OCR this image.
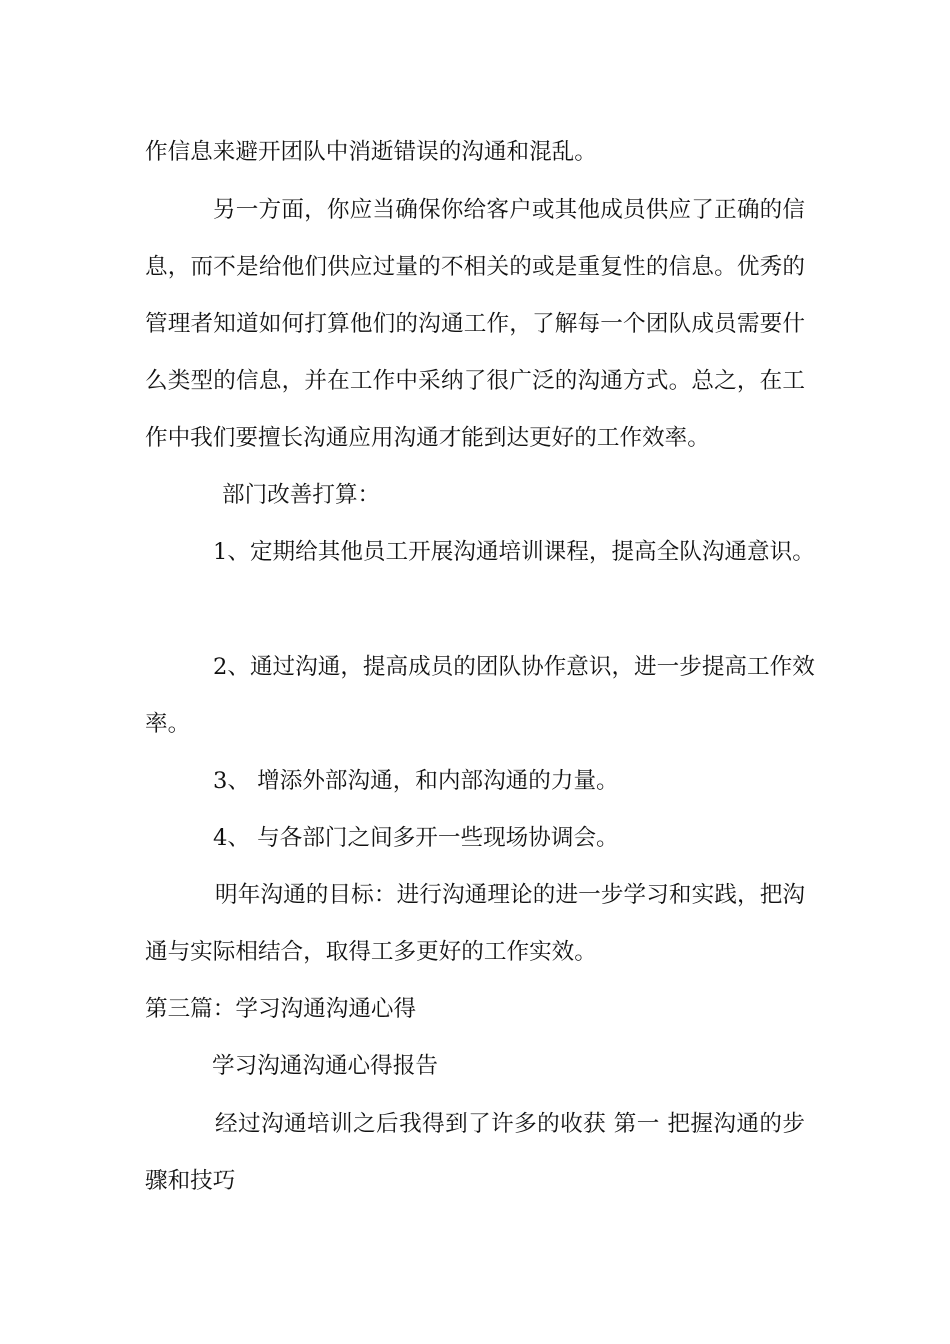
作信息来避开团队中消逝错误的沟通和混乱。

另一方面，你应当确保你给客户或其他成员供应了正确的信

息，而不是给他们供应过量的不相关的或是重复性的信息。优秀的

管理者知道如何打算他们的沟通工作，了解每一个团队成员需要什

么类型的信息，并在工作中采纳了很广泛的沟通方式。总之，在工

作中我们要擅长沟通应用沟通才能到达更好的工作效率。

部门改善打算：

1、定期给其他员工开展沟通培训课程，提高全队沟通意识。

2、通过沟通，提高成员的团队协作意识，进一步提高工作效

率。

3、 增添外部沟通，和内部沟通的力量。

4、 与各部门之间多开一些现场协调会。

明年沟通的目标：进行沟通理论的进一步学习和实践，把沟

通与实际相结合，取得工多更好的工作实效。

第三篇：学习沟通沟通心得

学习沟通沟通心得报告

经过沟通培训之后我得到了许多的收获 第一 把握沟通的步

骤和技巧
